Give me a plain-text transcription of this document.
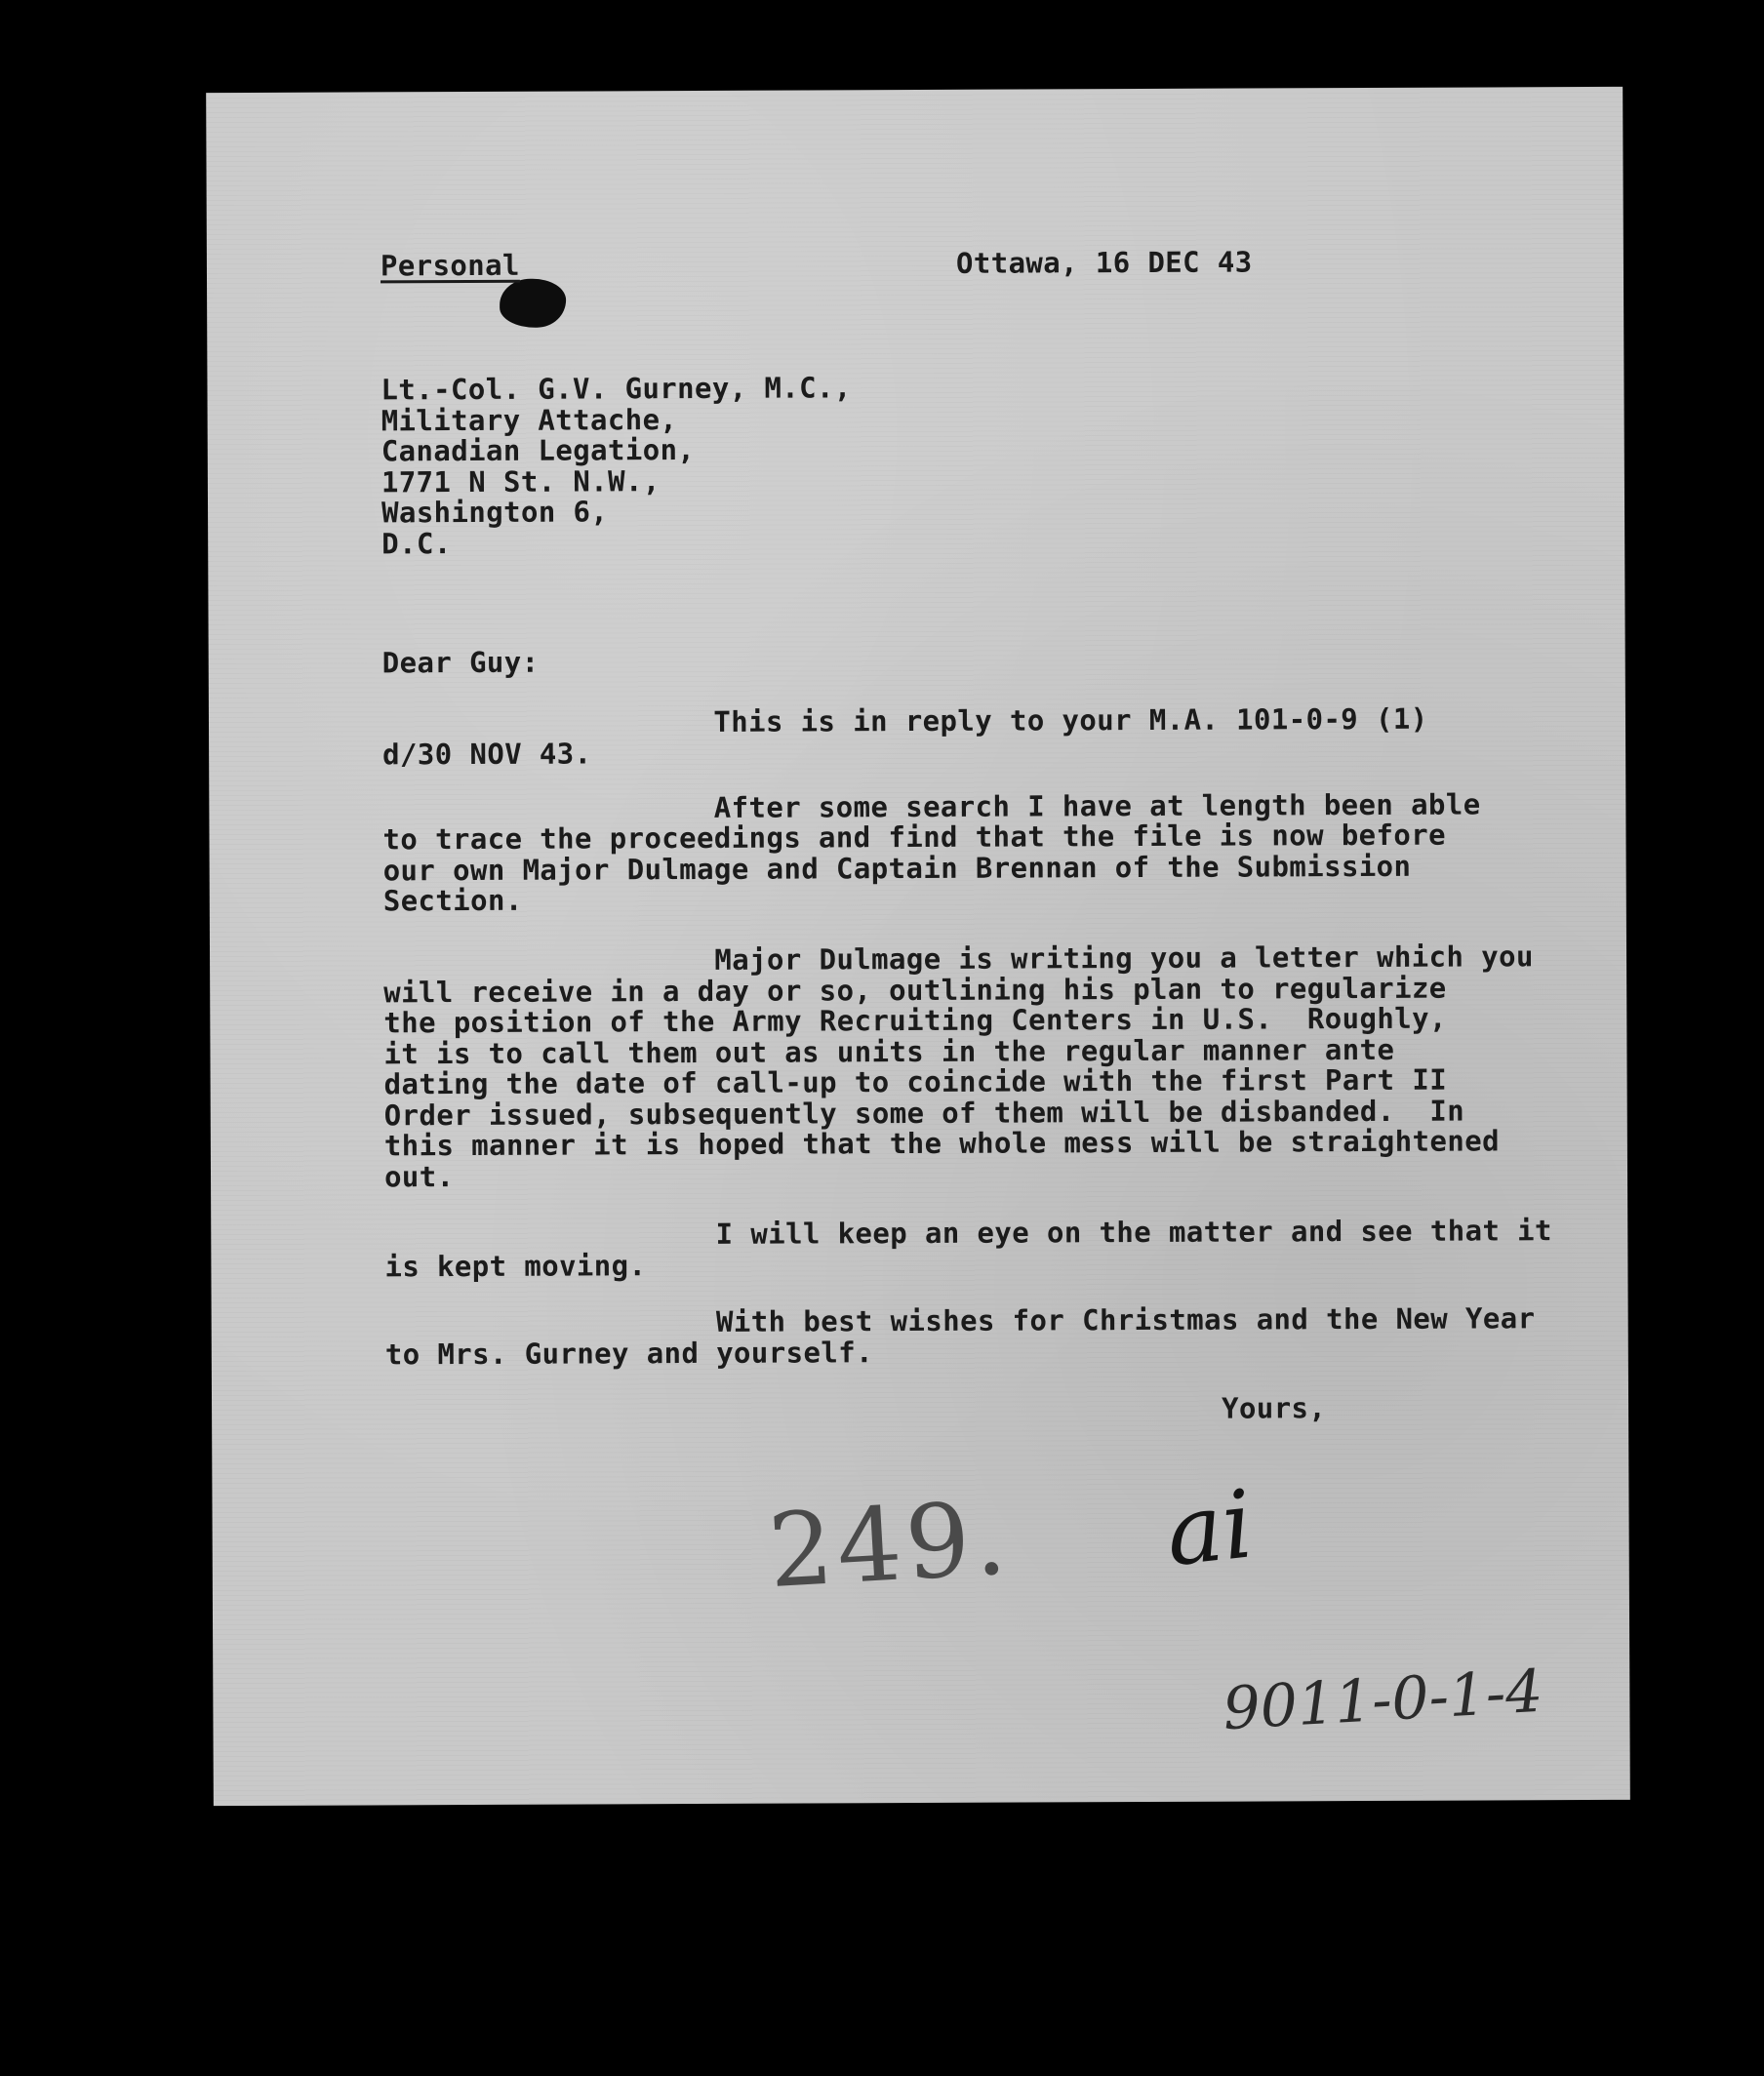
Personal	Ottawa, 16 DEC 43
Lt.-Col. G.V. Gurney, M.C.,
Military Attache,
Canadian Legation,
1771 N St. N.W.,
Washington 6,
D.C.
Dear Guy:
This is in reply to your M.A. 101-0-9 (1)
d/30 NOV 43.
After some search I have at length been able
to trace the proceedings and find that the file is now before
our own Major Dulmage and Captain Brennan of the Submission
Section.
Major Dulmage is writing you a letter which you
will receive in a day or so, outlining his plan to regularize
the position of the Army Recruiting Centers in U.S.  Roughly,
it is to call them out as units in the regular manner ante
dating the date of call-up to coincide with the first Part II
Order issued, subsequently some of them will be disbanded.  In
this manner it is hoped that the whole mess will be straightened
out.
I will keep an eye on the matter and see that it
is kept moving.
With best wishes for Christmas and the New Year
to Mrs. Gurney and yourself.
Yours,
ai
249.
9011-0-1-4
